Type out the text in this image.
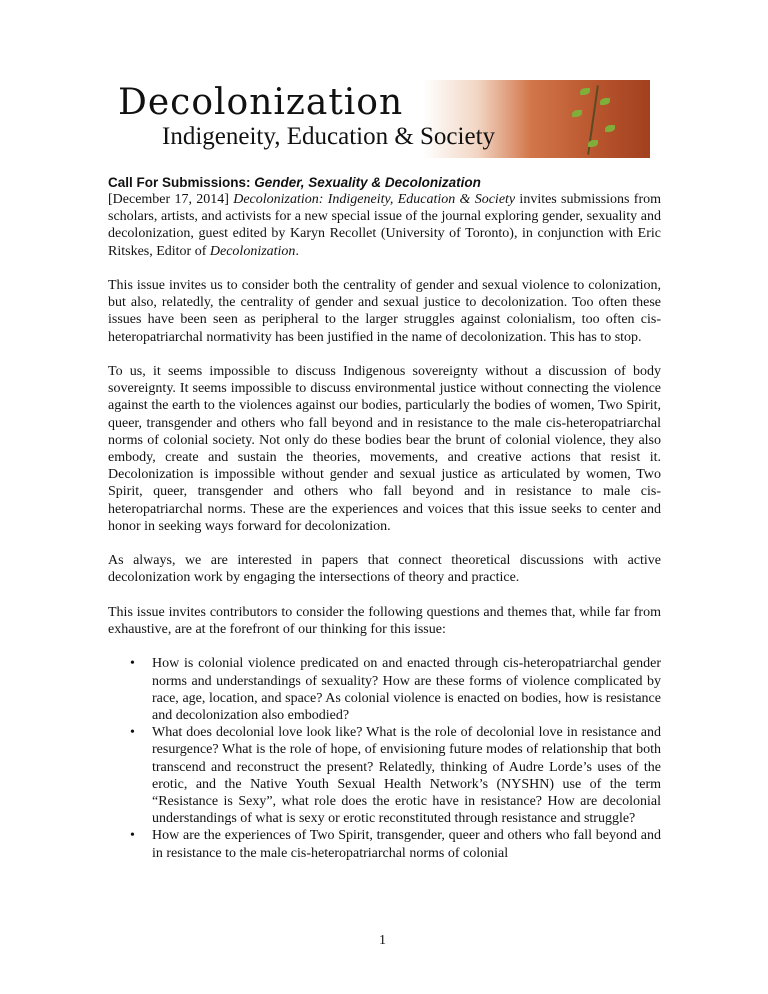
Decolonization
Indigeneity, Education & Society
Call For Submissions: Gender, Sexuality & Decolonization

[December 17, 2014] Decolonization: Indigeneity, Education & Society invites submissions from scholars, artists, and activists for a new special issue of the journal exploring gender, sexuality and decolonization, guest edited by Karyn Recollet (University of Toronto), in conjunction with Eric Ritskes, Editor of Decolonization.

This issue invites us to consider both the centrality of gender and sexual violence to colonization, but also, relatedly, the centrality of gender and sexual justice to decolonization. Too often these issues have been seen as peripheral to the larger struggles against colonialism, too often cis-heteropatriarchal normativity has been justified in the name of decolonization. This has to stop.

To us, it seems impossible to discuss Indigenous sovereignty without a discussion of body sovereignty. It seems impossible to discuss environmental justice without connecting the violence against the earth to the violences against our bodies, particularly the bodies of women, Two Spirit, queer, transgender and others who fall beyond and in resistance to the male cis-heteropatriarchal norms of colonial society. Not only do these bodies bear the brunt of colonial violence, they also embody, create and sustain the theories, movements, and creative actions that resist it. Decolonization is impossible without gender and sexual justice as articulated by women, Two Spirit, queer, transgender and others who fall beyond and in resistance to male cis-heteropatriarchal norms. These are the experiences and voices that this issue seeks to center and honor in seeking ways forward for decolonization.

As always, we are interested in papers that connect theoretical discussions with active decolonization work by engaging the intersections of theory and practice.

This issue invites contributors to consider the following questions and themes that, while far from exhaustive, are at the forefront of our thinking for this issue:

• How is colonial violence predicated on and enacted through cis-heteropatriarchal gender norms and understandings of sexuality? How are these forms of violence complicated by race, age, location, and space? As colonial violence is enacted on bodies, how is resistance and decolonization also embodied?
• What does decolonial love look like? What is the role of decolonial love in resistance and resurgence? What is the role of hope, of envisioning future modes of relationship that both transcend and reconstruct the present? Relatedly, thinking of Audre Lorde’s uses of the erotic, and the Native Youth Sexual Health Network’s (NYSHN) use of the term “Resistance is Sexy”, what role does the erotic have in resistance? How are decolonial understandings of what is sexy or erotic reconstituted through resistance and struggle?
• How are the experiences of Two Spirit, transgender, queer and others who fall beyond and in resistance to the male cis-heteropatriarchal norms of colonial
1
